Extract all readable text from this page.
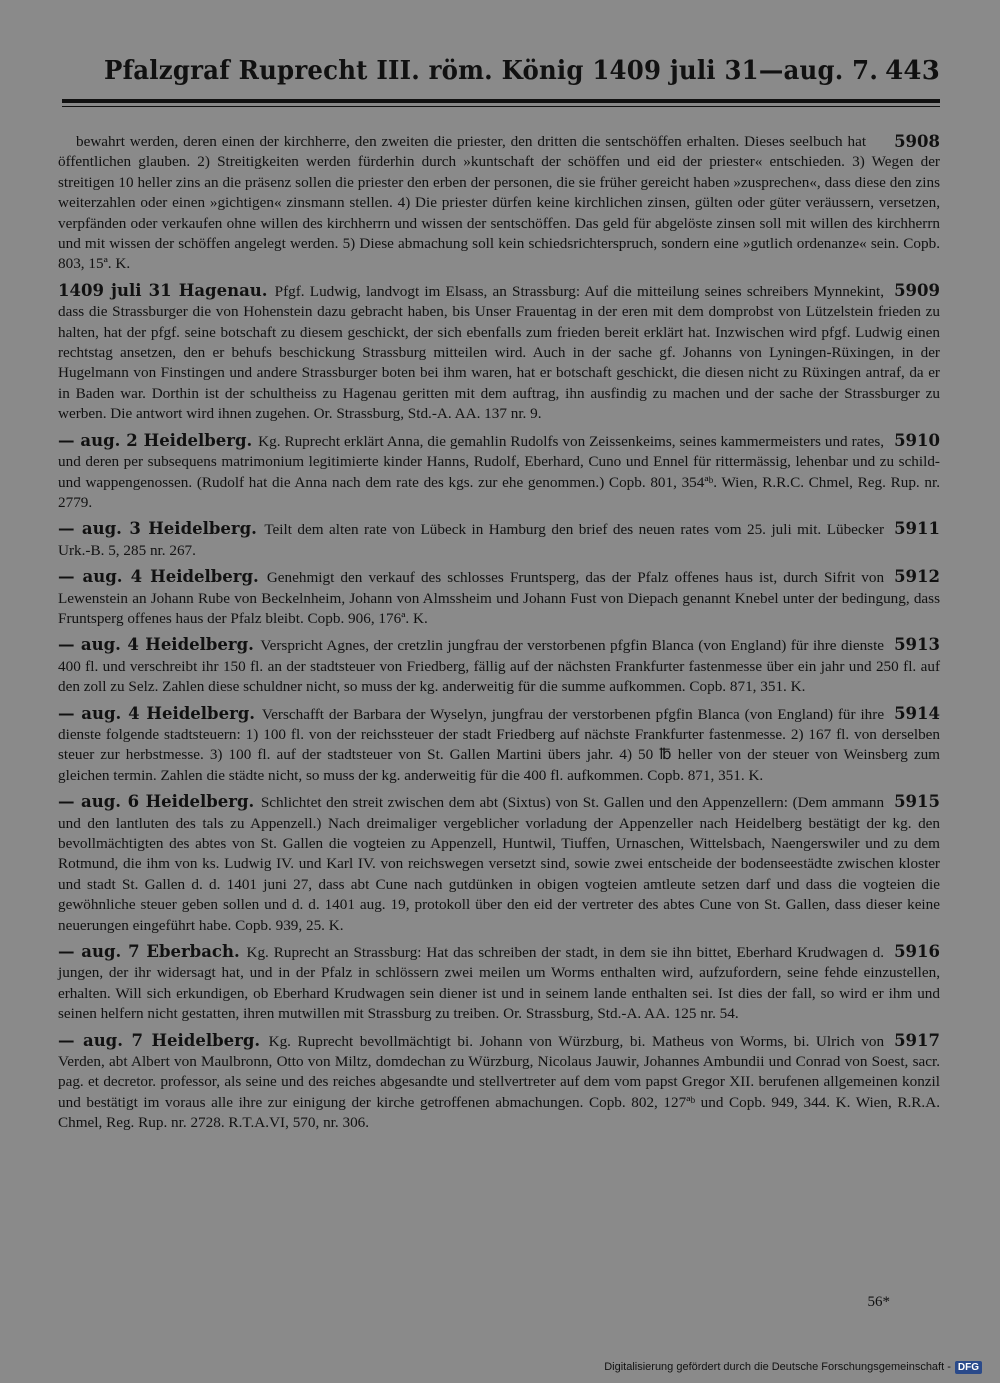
Pfalzgraf Ruprecht III. röm. König 1409 juli 31—aug. 7. 443
5908
bewahrt werden, deren einen der kirchherre, den zweiten die priester, den dritten die sentschöffen erhalten. Dieses seelbuch hat öffentlichen glauben. 2) Streitigkeiten werden fürderhin durch »kuntschaft der schöffen und eid der priester« entschieden. 3) Wegen der streitigen 10 heller zins an die präsenz sollen die priester den erben der personen, die sie früher gereicht haben »zusprechen«, dass diese den zins weiterzahlen oder einen »gichtigen« zinsmann stellen. 4) Die priester dürfen keine kirchlichen zinsen, gülten oder güter veräussern, versetzen, verpfänden oder verkaufen ohne willen des kirchherrn und wissen der sentschöffen. Das geld für abgelöste zinsen soll mit willen des kirchherrn und mit wissen der schöffen angelegt werden. 5) Diese abmachung soll kein schiedsrichterspruch, sondern eine »gutlich ordenanze« sein. Copb. 803, 15ª. K.
5909
1409 juli 31 Hagenau. Pfgf. Ludwig, landvogt im Elsass, an Strassburg: Auf die mitteilung seines schreibers Mynnekint, dass die Strassburger die von Hohenstein dazu gebracht haben, bis Unser Frauentag in der eren mit dem domprobst von Lützelstein frieden zu halten, hat der pfgf. seine botschaft zu diesem geschickt, der sich ebenfalls zum frieden bereit erklärt hat. Inzwischen wird pfgf. Ludwig einen rechtstag ansetzen, den er behufs beschickung Strassburg mitteilen wird. Auch in der sache gf. Johanns von Lyningen-Rüxingen, in der Hugelmann von Finstingen und andere Strassburger boten bei ihm waren, hat er botschaft geschickt, die diesen nicht zu Rüxingen antraf, da er in Baden war. Dorthin ist der schultheiss zu Hagenau geritten mit dem auftrag, ihn ausfindig zu machen und der sache der Strassburger zu werben. Die antwort wird ihnen zugehen. Or. Strassburg, Std.-A. AA. 137 nr. 9.
5910
— aug. 2 Heidelberg. Kg. Ruprecht erklärt Anna, die gemahlin Rudolfs von Zeissenkeims, seines kammermeisters und rates, und deren per subsequens matrimonium legitimierte kinder Hanns, Rudolf, Eberhard, Cuno und Ennel für rittermässig, lehenbar und zu schild- und wappengenossen. (Rudolf hat die Anna nach dem rate des kgs. zur ehe genommen.) Copb. 801, 354ªᵇ. Wien, R.R.C. Chmel, Reg. Rup. nr. 2779.
5911
— aug. 3 Heidelberg. Teilt dem alten rate von Lübeck in Hamburg den brief des neuen rates vom 25. juli mit. Lübecker Urk.-B. 5, 285 nr. 267.
5912
— aug. 4 Heidelberg. Genehmigt den verkauf des schlosses Fruntsperg, das der Pfalz offenes haus ist, durch Sifrit von Lewenstein an Johann Rube von Beckelnheim, Johann von Almssheim und Johann Fust von Diepach genannt Knebel unter der bedingung, dass Fruntsperg offenes haus der Pfalz bleibt. Copb. 906, 176ª. K.
5913
— aug. 4 Heidelberg. Verspricht Agnes, der cretzlin jungfrau der verstorbenen pfgfin Blanca (von England) für ihre dienste 400 fl. und verschreibt ihr 150 fl. an der stadtsteuer von Friedberg, fällig auf der nächsten Frankfurter fastenmesse über ein jahr und 250 fl. auf den zoll zu Selz. Zahlen diese schuldner nicht, so muss der kg. anderweitig für die summe aufkommen. Copb. 871, 351. K.
5914
— aug. 4 Heidelberg. Verschafft der Barbara der Wyselyn, jungfrau der verstorbenen pfgfin Blanca (von England) für ihre dienste folgende stadtsteuern: 1) 100 fl. von der reichssteuer der stadt Friedberg auf nächste Frankfurter fastenmesse. 2) 167 fl. von derselben steuer zur herbstmesse. 3) 100 fl. auf der stadtsteuer von St. Gallen Martini übers jahr. 4) 50 ℔ heller von der steuer von Weinsberg zum gleichen termin. Zahlen die städte nicht, so muss der kg. anderweitig für die 400 fl. aufkommen. Copb. 871, 351. K.
5915
— aug. 6 Heidelberg. Schlichtet den streit zwischen dem abt (Sixtus) von St. Gallen und den Appenzellern: (Dem ammann und den lantluten des tals zu Appenzell.) Nach dreimaliger vergeblicher vorladung der Appenzeller nach Heidelberg bestätigt der kg. den bevollmächtigten des abtes von St. Gallen die vogteien zu Appenzell, Huntwil, Tiuffen, Urnaschen, Wittelsbach, Naengerswiler und zu dem Rotmund, die ihm von ks. Ludwig IV. und Karl IV. von reichswegen versetzt sind, sowie zwei entscheide der bodenseestädte zwischen kloster und stadt St. Gallen d. d. 1401 juni 27, dass abt Cune nach gutdünken in obigen vogteien amtleute setzen darf und dass die vogteien die gewöhnliche steuer geben sollen und d. d. 1401 aug. 19, protokoll über den eid der vertreter des abtes Cune von St. Gallen, dass dieser keine neuerungen eingeführt habe. Copb. 939, 25. K.
5916
— aug. 7 Eberbach. Kg. Ruprecht an Strassburg: Hat das schreiben der stadt, in dem sie ihn bittet, Eberhard Krudwagen d. jungen, der ihr widersagt hat, und in der Pfalz in schlössern zwei meilen um Worms enthalten wird, aufzufordern, seine fehde einzustellen, erhalten. Will sich erkundigen, ob Eberhard Krudwagen sein diener ist und in seinem lande enthalten sei. Ist dies der fall, so wird er ihm und seinen helfern nicht gestatten, ihren mutwillen mit Strassburg zu treiben. Or. Strassburg, Std.-A. AA. 125 nr. 54.
5917
— aug. 7 Heidelberg. Kg. Ruprecht bevollmächtigt bi. Johann von Würzburg, bi. Matheus von Worms, bi. Ulrich von Verden, abt Albert von Maulbronn, Otto von Miltz, domdechan zu Würzburg, Nicolaus Jauwir, Johannes Ambundii und Conrad von Soest, sacr. pag. et decretor. professor, als seine und des reiches abgesandte und stellvertreter auf dem vom papst Gregor XII. berufenen allgemeinen konzil und bestätigt im voraus alle ihre zur einigung der kirche getroffenen abmachungen. Copb. 802, 127ªᵇ und Copb. 949, 344. K. Wien, R.R.A. Chmel, Reg. Rup. nr. 2728. R.T.A.VI, 570, nr. 306.
56*
Digitalisierung gefördert durch die Deutsche Forschungsgemeinschaft - DFG
